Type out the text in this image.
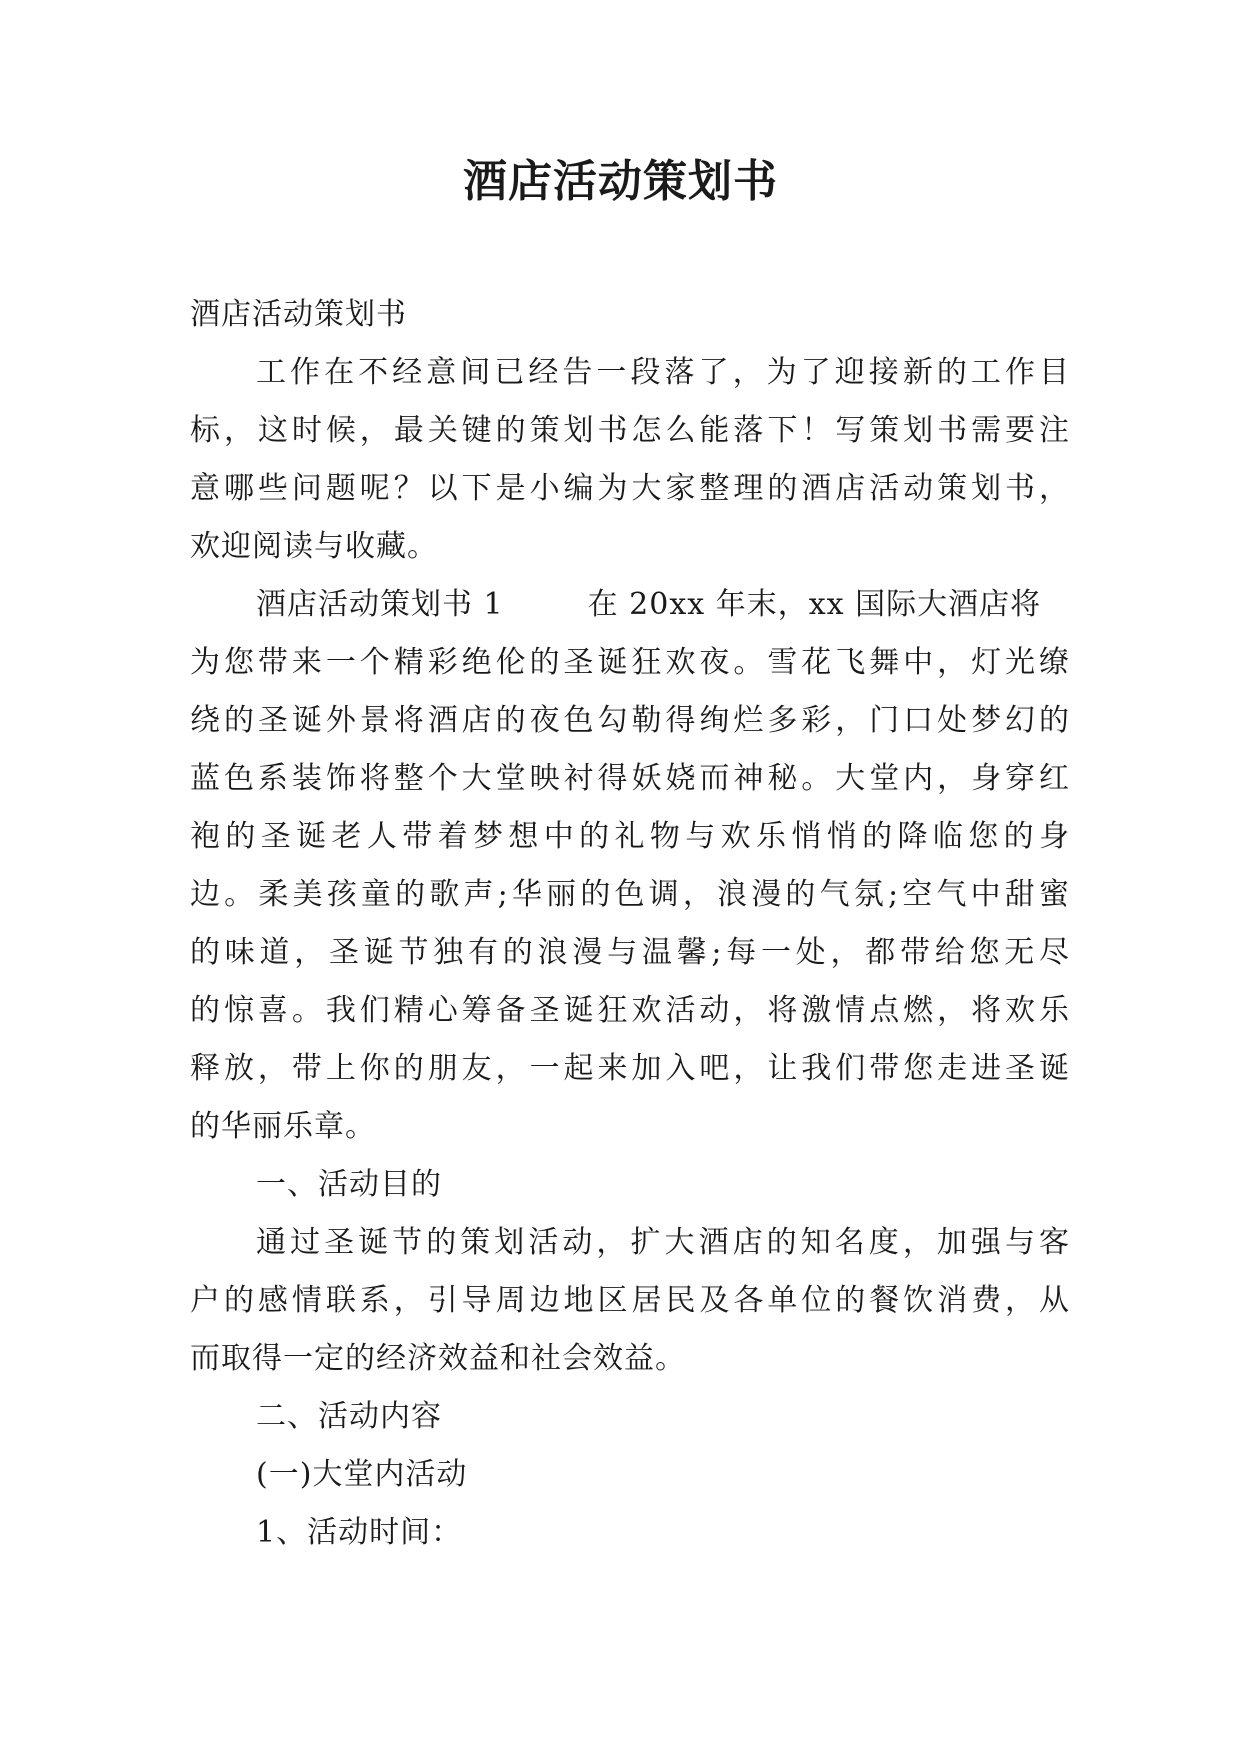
酒店活动策划书
酒店活动策划书
工作在不经意间已经告一段落了，为了迎接新的工作目
标，这时候，最关键的策划书怎么能落下！写策划书需要注
意哪些问题呢？以下是小编为大家整理的酒店活动策划书，
欢迎阅读与收藏。
酒店活动策划书 1	在 20xx 年末，xx 国际大酒店将
为您带来一个精彩绝伦的圣诞狂欢夜。雪花飞舞中，灯光缭
绕的圣诞外景将酒店的夜色勾勒得绚烂多彩，门口处梦幻的
蓝色系装饰将整个大堂映衬得妖娆而神秘。大堂内，身穿红
袍的圣诞老人带着梦想中的礼物与欢乐悄悄的降临您的身
边。柔美孩童的歌声;华丽的色调，浪漫的气氛;空气中甜蜜
的味道，圣诞节独有的浪漫与温馨;每一处，都带给您无尽
的惊喜。我们精心筹备圣诞狂欢活动，将激情点燃，将欢乐
释放，带上你的朋友，一起来加入吧，让我们带您走进圣诞
的华丽乐章。
一、活动目的
通过圣诞节的策划活动，扩大酒店的知名度，加强与客
户的感情联系，引导周边地区居民及各单位的餐饮消费，从
而取得一定的经济效益和社会效益。
二、活动内容
(一)大堂内活动
1、活动时间：
